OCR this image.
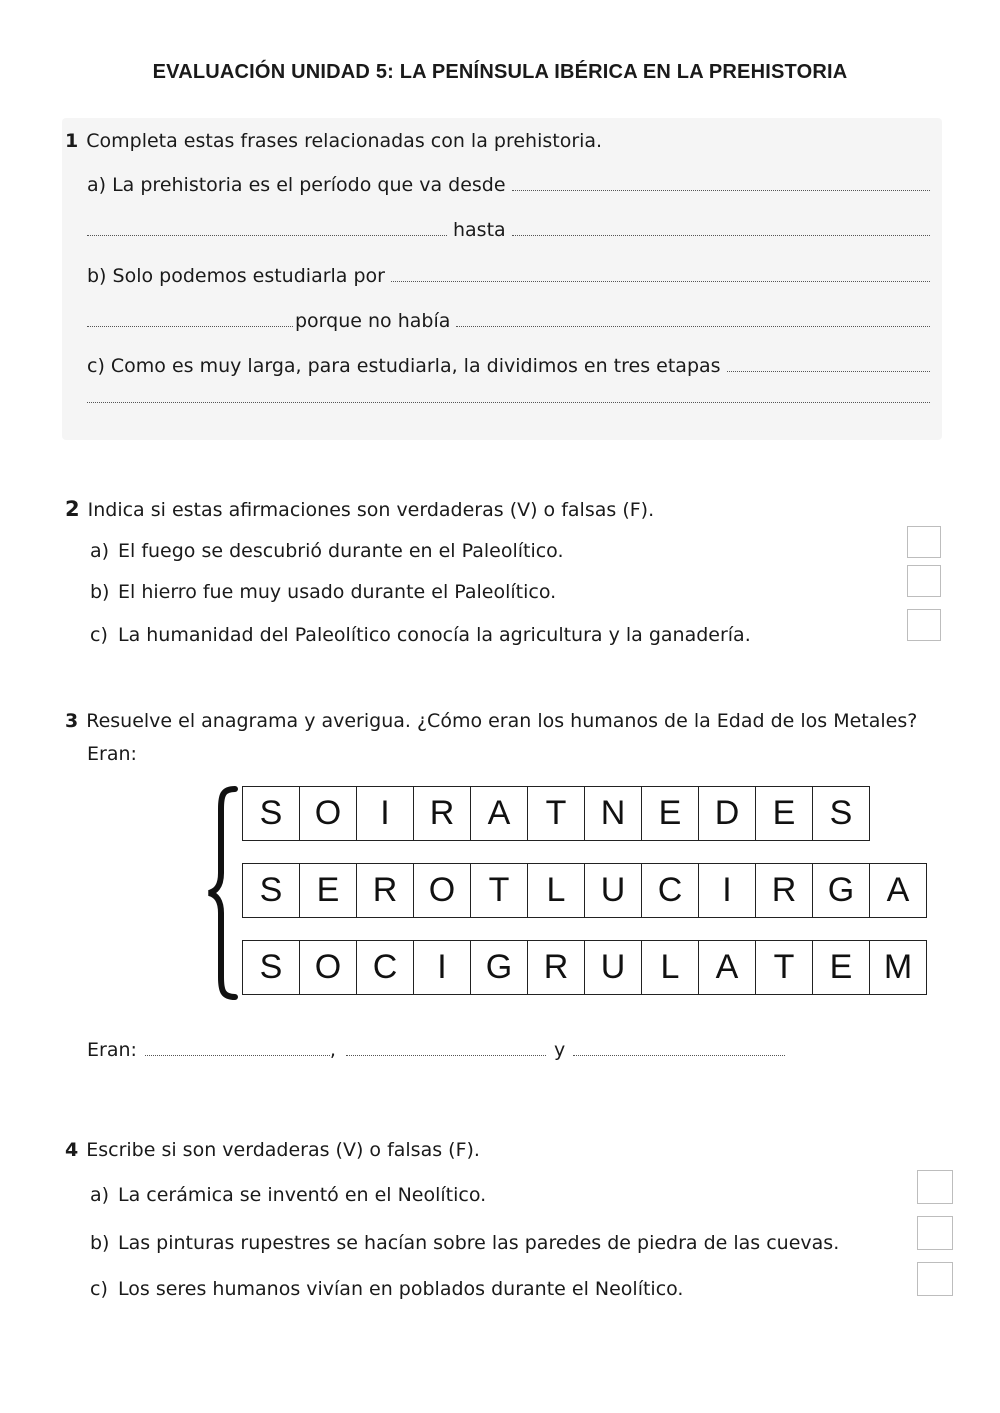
EVALUACIÓN UNIDAD 5: LA PENÍNSULA IBÉRICA EN LA PREHISTORIA
1 Completa estas frases relacionadas con la prehistoria.
a) La prehistoria es el período que va desde
hasta
b) Solo podemos estudiarla por
porque no había
c) Como es muy larga, para estudiarla, la dividimos en tres etapas
2 Indica si estas afirmaciones son verdaderas (V) o falsas (F).
a) El fuego se descubrió durante en el Paleolítico.
b) El hierro fue muy usado durante el Paleolítico.
c) La humanidad del Paleolítico conocía la agricultura y la ganadería.
3 Resuelve el anagrama y averigua. ¿Cómo eran los humanos de la Edad de los Metales?
Eran:
S O	I	R A	T	N E D E	S
S	E R O T	L	U C	I	R G A
S O C	I	G R U	L	A	T	E M
Eran:	,	y
4 Escribe si son verdaderas (V) o falsas (F).
a) La cerámica se inventó en el Neolítico.
b) Las pinturas rupestres se hacían sobre las paredes de piedra de las cuevas.
c) Los seres humanos vivían en poblados durante el Neolítico.
